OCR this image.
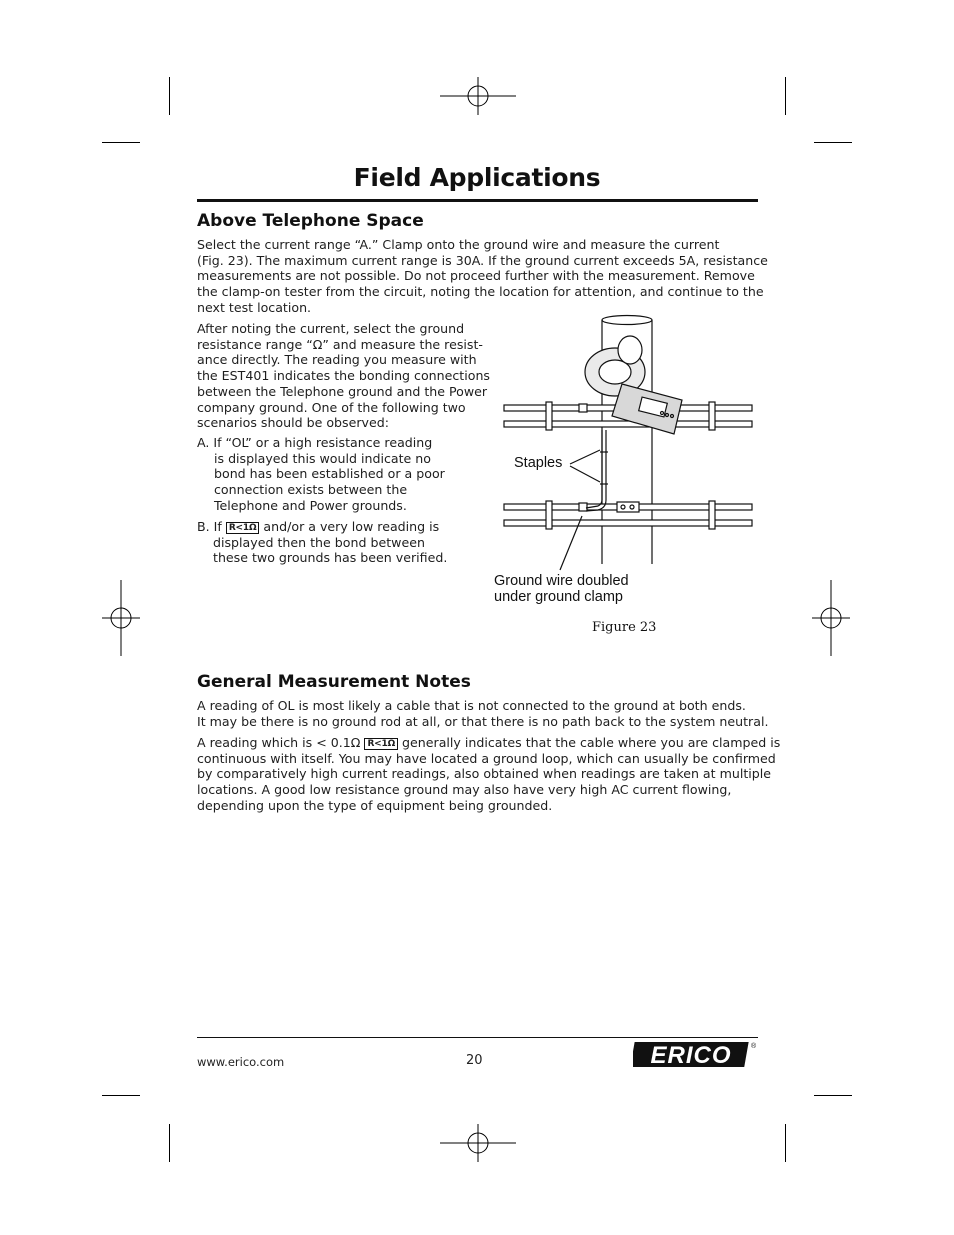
Field Applications
Above Telephone Space
Select the current range “A.” Clamp onto the ground wire and measure the current
(Fig. 23). The maximum current range is 30A. If the ground current exceeds 5A, resistance
measurements are not possible. Do not proceed further with the measurement. Remove
the clamp-on tester from the circuit, noting the location for attention, and continue to the
next test location.
After noting the current, select the ground
resistance range “Ω” and measure the resist-
ance directly. The reading you measure with
the EST401 indicates the bonding connections
between the Telephone ground and the Power
company ground. One of the following two
scenarios should be observed:
A. If “OL” or a high resistance reading
is displayed this would indicate no
bond has been established or a poor
connection exists between the
Telephone and Power grounds.
B. If R<1Ω and/or a very low reading is
displayed then the bond between
these two grounds has been verified.
Staples
Ground wire doubled
under ground clamp
Figure 23
General Measurement Notes
A reading of OL is most likely a cable that is not connected to the ground at both ends.
It may be there is no ground rod at all, or that there is no path back to the system neutral.
A reading which is < 0.1Ω R<1Ω generally indicates that the cable where you are clamped is
continuous with itself. You may have located a ground loop, which can usually be confirmed
by comparatively high current readings, also obtained when readings are taken at multiple
locations. A good low resistance ground may also have very high AC current flowing,
depending upon the type of equipment being grounded.
www.erico.com	20	ERICO	®
